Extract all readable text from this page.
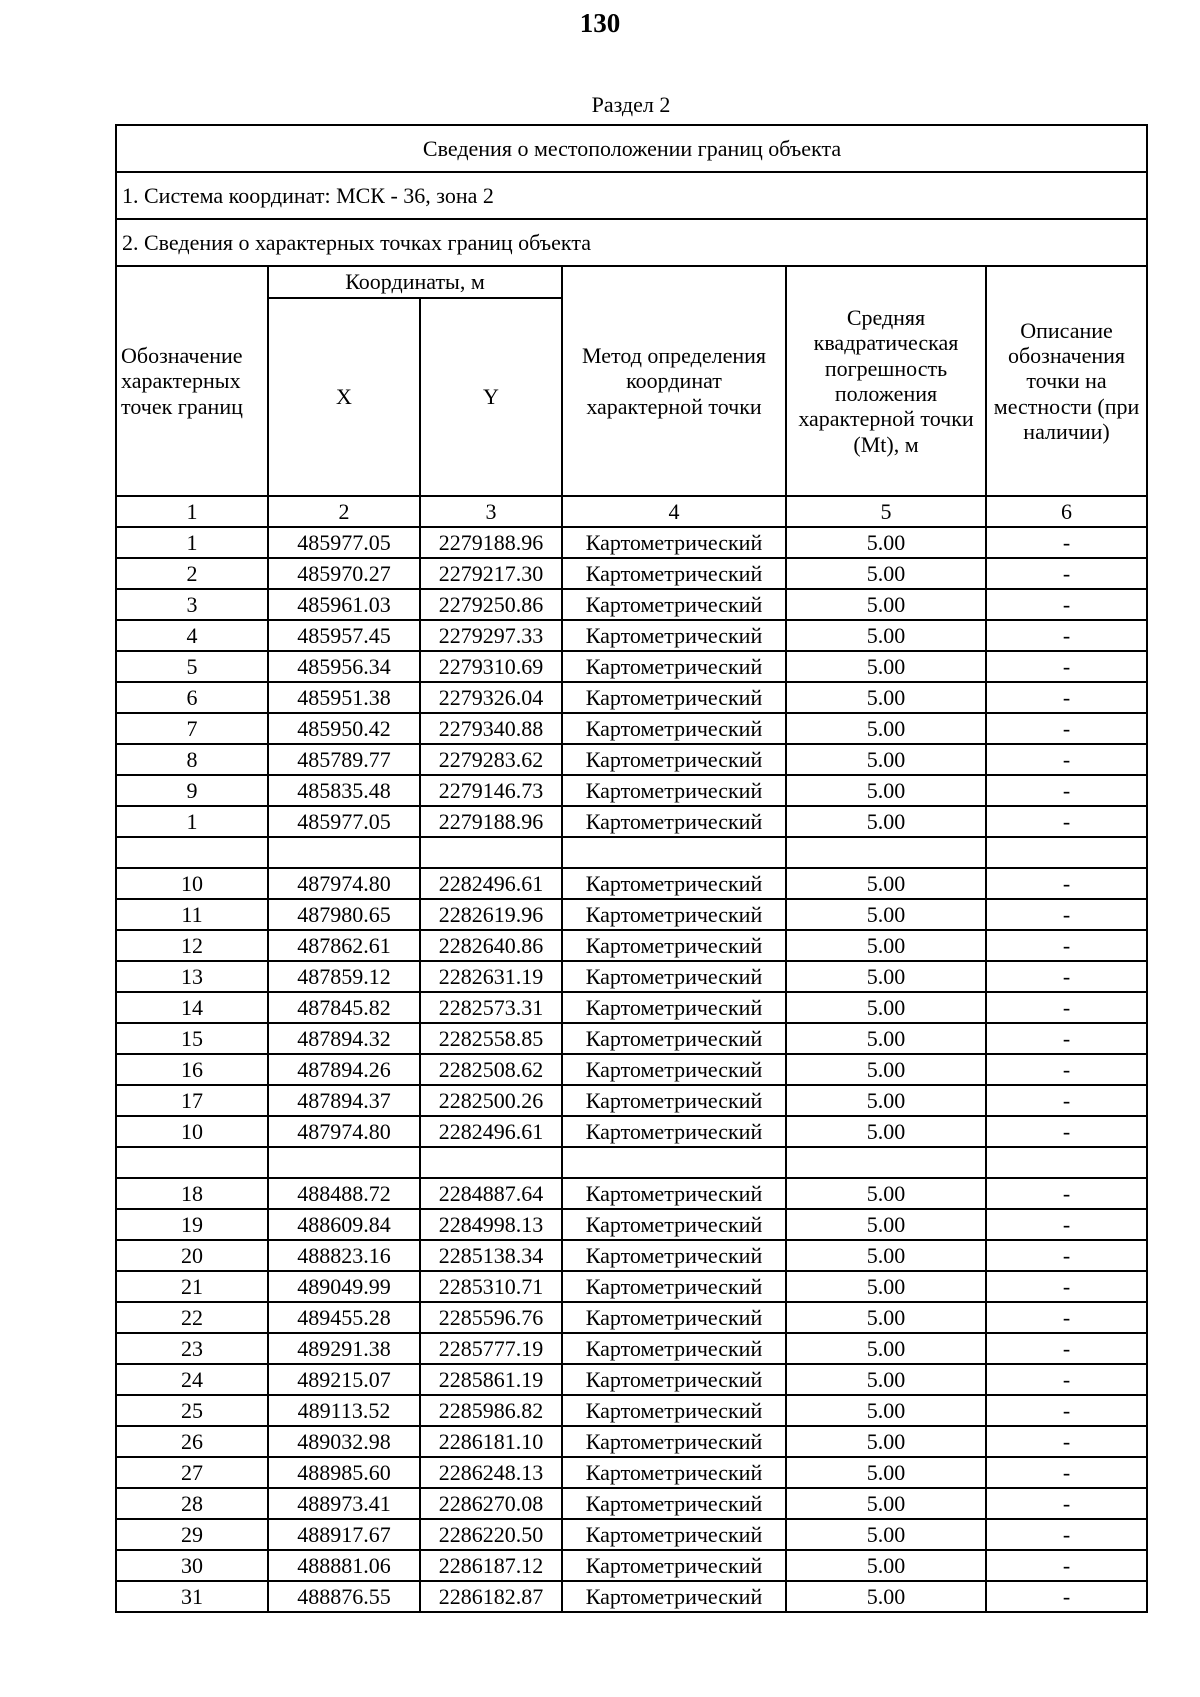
130
Раздел 2
Сведения о местоположении границ объекта					
1. Система координат: МСК - 36, зона 2					
2. Сведения о характерных точках границ объекта					
Обозначение характерных точек границ	Координаты, м		Метод определения координат характерной точки	Средняя квадратическая погрешность положения характерной точки (Mt), м	Описание обозначения точки на местности (при наличии)
	X	Y			
1	2	3	4	5	6
1	485977.05	2279188.96	Картометрический	5.00	-
2	485970.27	2279217.30	Картометрический	5.00	-
3	485961.03	2279250.86	Картометрический	5.00	-
4	485957.45	2279297.33	Картометрический	5.00	-
5	485956.34	2279310.69	Картометрический	5.00	-
6	485951.38	2279326.04	Картометрический	5.00	-
7	485950.42	2279340.88	Картометрический	5.00	-
8	485789.77	2279283.62	Картометрический	5.00	-
9	485835.48	2279146.73	Картометрический	5.00	-
1	485977.05	2279188.96	Картометрический	5.00	-

10	487974.80	2282496.61	Картометрический	5.00	-
11	487980.65	2282619.96	Картометрический	5.00	-
12	487862.61	2282640.86	Картометрический	5.00	-
13	487859.12	2282631.19	Картометрический	5.00	-
14	487845.82	2282573.31	Картометрический	5.00	-
15	487894.32	2282558.85	Картометрический	5.00	-
16	487894.26	2282508.62	Картометрический	5.00	-
17	487894.37	2282500.26	Картометрический	5.00	-
10	487974.80	2282496.61	Картометрический	5.00	-

18	488488.72	2284887.64	Картометрический	5.00	-
19	488609.84	2284998.13	Картометрический	5.00	-
20	488823.16	2285138.34	Картометрический	5.00	-
21	489049.99	2285310.71	Картометрический	5.00	-
22	489455.28	2285596.76	Картометрический	5.00	-
23	489291.38	2285777.19	Картометрический	5.00	-
24	489215.07	2285861.19	Картометрический	5.00	-
25	489113.52	2285986.82	Картометрический	5.00	-
26	489032.98	2286181.10	Картометрический	5.00	-
27	488985.60	2286248.13	Картометрический	5.00	-
28	488973.41	2286270.08	Картометрический	5.00	-
29	488917.67	2286220.50	Картометрический	5.00	-
30	488881.06	2286187.12	Картометрический	5.00	-
31	488876.55	2286182.87	Картометрический	5.00	-
